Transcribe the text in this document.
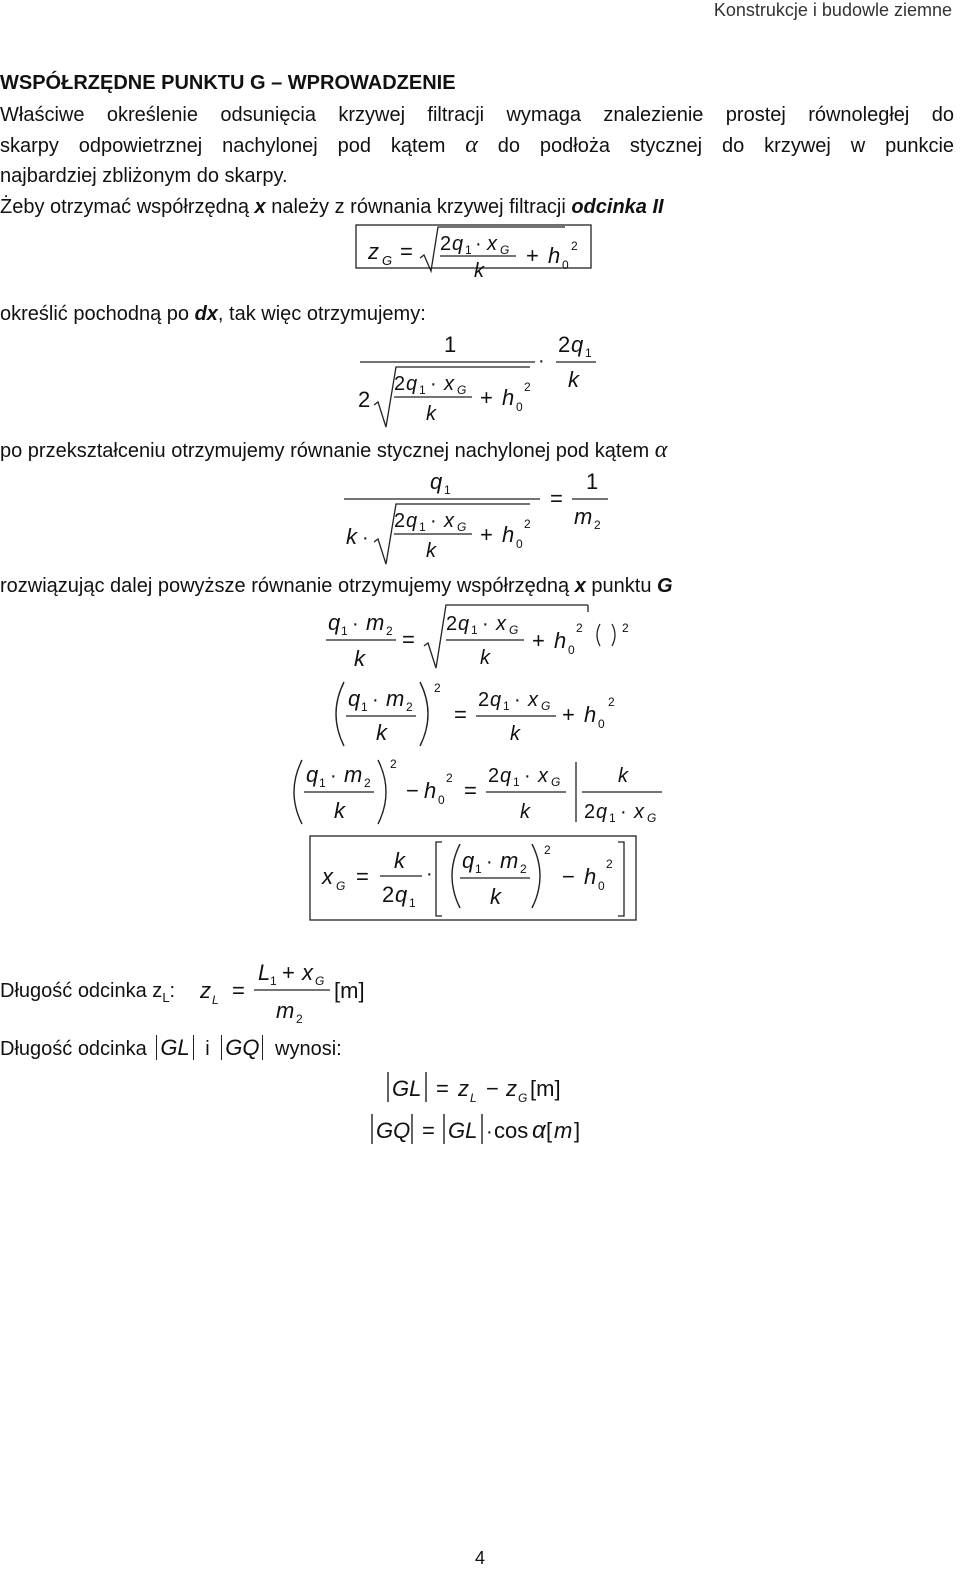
Konstrukcje i budowle ziemne
WSPÓŁRZĘDNE PUNKTU G – WPROWADZENIE
Właściwe określenie odsunięcia krzywej filtracji wymaga znalezienie prostej równoległej do
skarpy odpowietrznej nachylonej pod kątem α do podłoża stycznej do krzywej w punkcie
najbardziej zbliżonym do skarpy.
Żeby otrzymać współrzędną x należy z równania krzywej filtracji odcinka II
z G = 2 q 1 · x G
k
+ h 0
2
określić pochodną po dx, tak więc otrzymujemy:
1
2
2 q 1 · x G
k
+ h 0
2
·
2 q 1
k
po przekształceniu otrzymujemy równanie stycznej nachylonej pod kątem α
q 1
k ·
2 q 1 · x G
k
+ h 0
2
=
1
m 2
rozwiązując dalej powyższe równanie otrzymujemy współrzędną x punktu G
q 1 · m 2
k
=
2 q 1 · x G
k
+ h 0
2	2
q 1 · m 2
k
2
=
2 q 1 · x G
k
+ h 0
2
q 1 · m 2
k
2
− h 0
2 =
2 q 1 · x G
k
k
2 q 1 · x G
x G =
k
2 q 1
·
q 1 · m 2
k
2
− h 0
2
Długość odcinka $z_L$: z L =
L 1 + x G
m 2
[m]
Długość odcinka GL i GQ wynosi:
GL = z L − z G [m]
GQ = GL · cos α [ m ]
4
